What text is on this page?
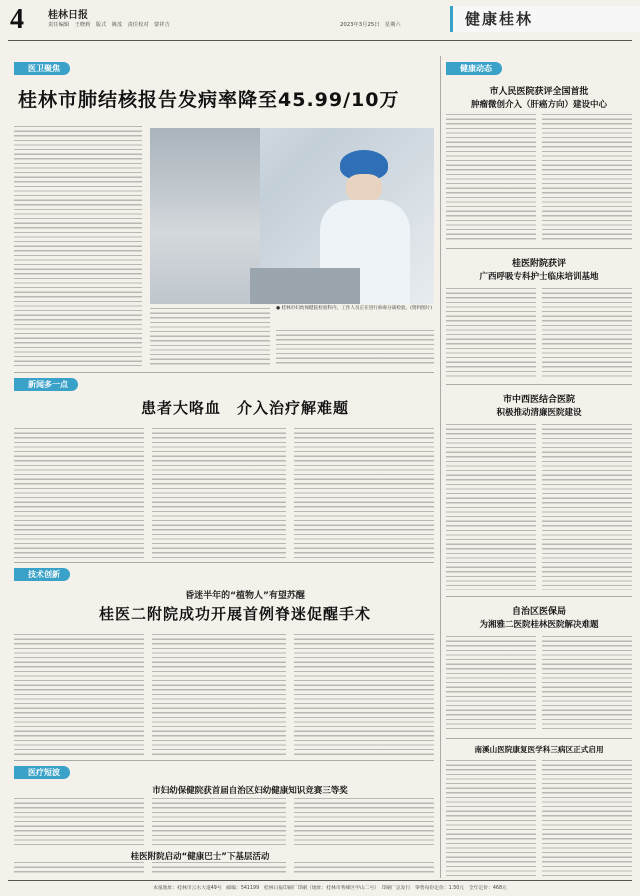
4 桂林日报
责任编辑　王晓莉　版式　姚茂　责任校对　蒙祥吉	2023年3月25日　星期六	健康桂林
医卫聚焦
桂林市肺结核报告发病率降至45.99/10万
● 桂林市妇幼保健院检验科内，工作人员正在进行病毒分离检验。(资料图片)
新闻多一点
患者大咯血　介入治疗解难题
技术创新
昏迷半年的“植物人”有望苏醒
桂医二附院成功开展首例脊迷促醒手术
医疗短波
市妇幼保健院获首届自治区妇幼健康知识竞赛三等奖
桂医附院启动“健康巴士”下基层活动
健康动态
市人民医院获评全国首批
肿瘤微创介入（肝癌方向）建设中心
桂医附院获评
广西呼吸专科护士临床培训基地
市中西医结合医院
积极推动清廉医院建设
自治区医保局
为湘雅二医院桂林医院解决难题
南溪山医院康复医学科三病区正式启用
本报地址：桂林市云水大道49号　邮编：541199　桂林日报印刷厂印刷（地址：桂林市秀峰区甲山二号）　印刷厂总发行　零售每份定价：1.50元　全年定价：468元
